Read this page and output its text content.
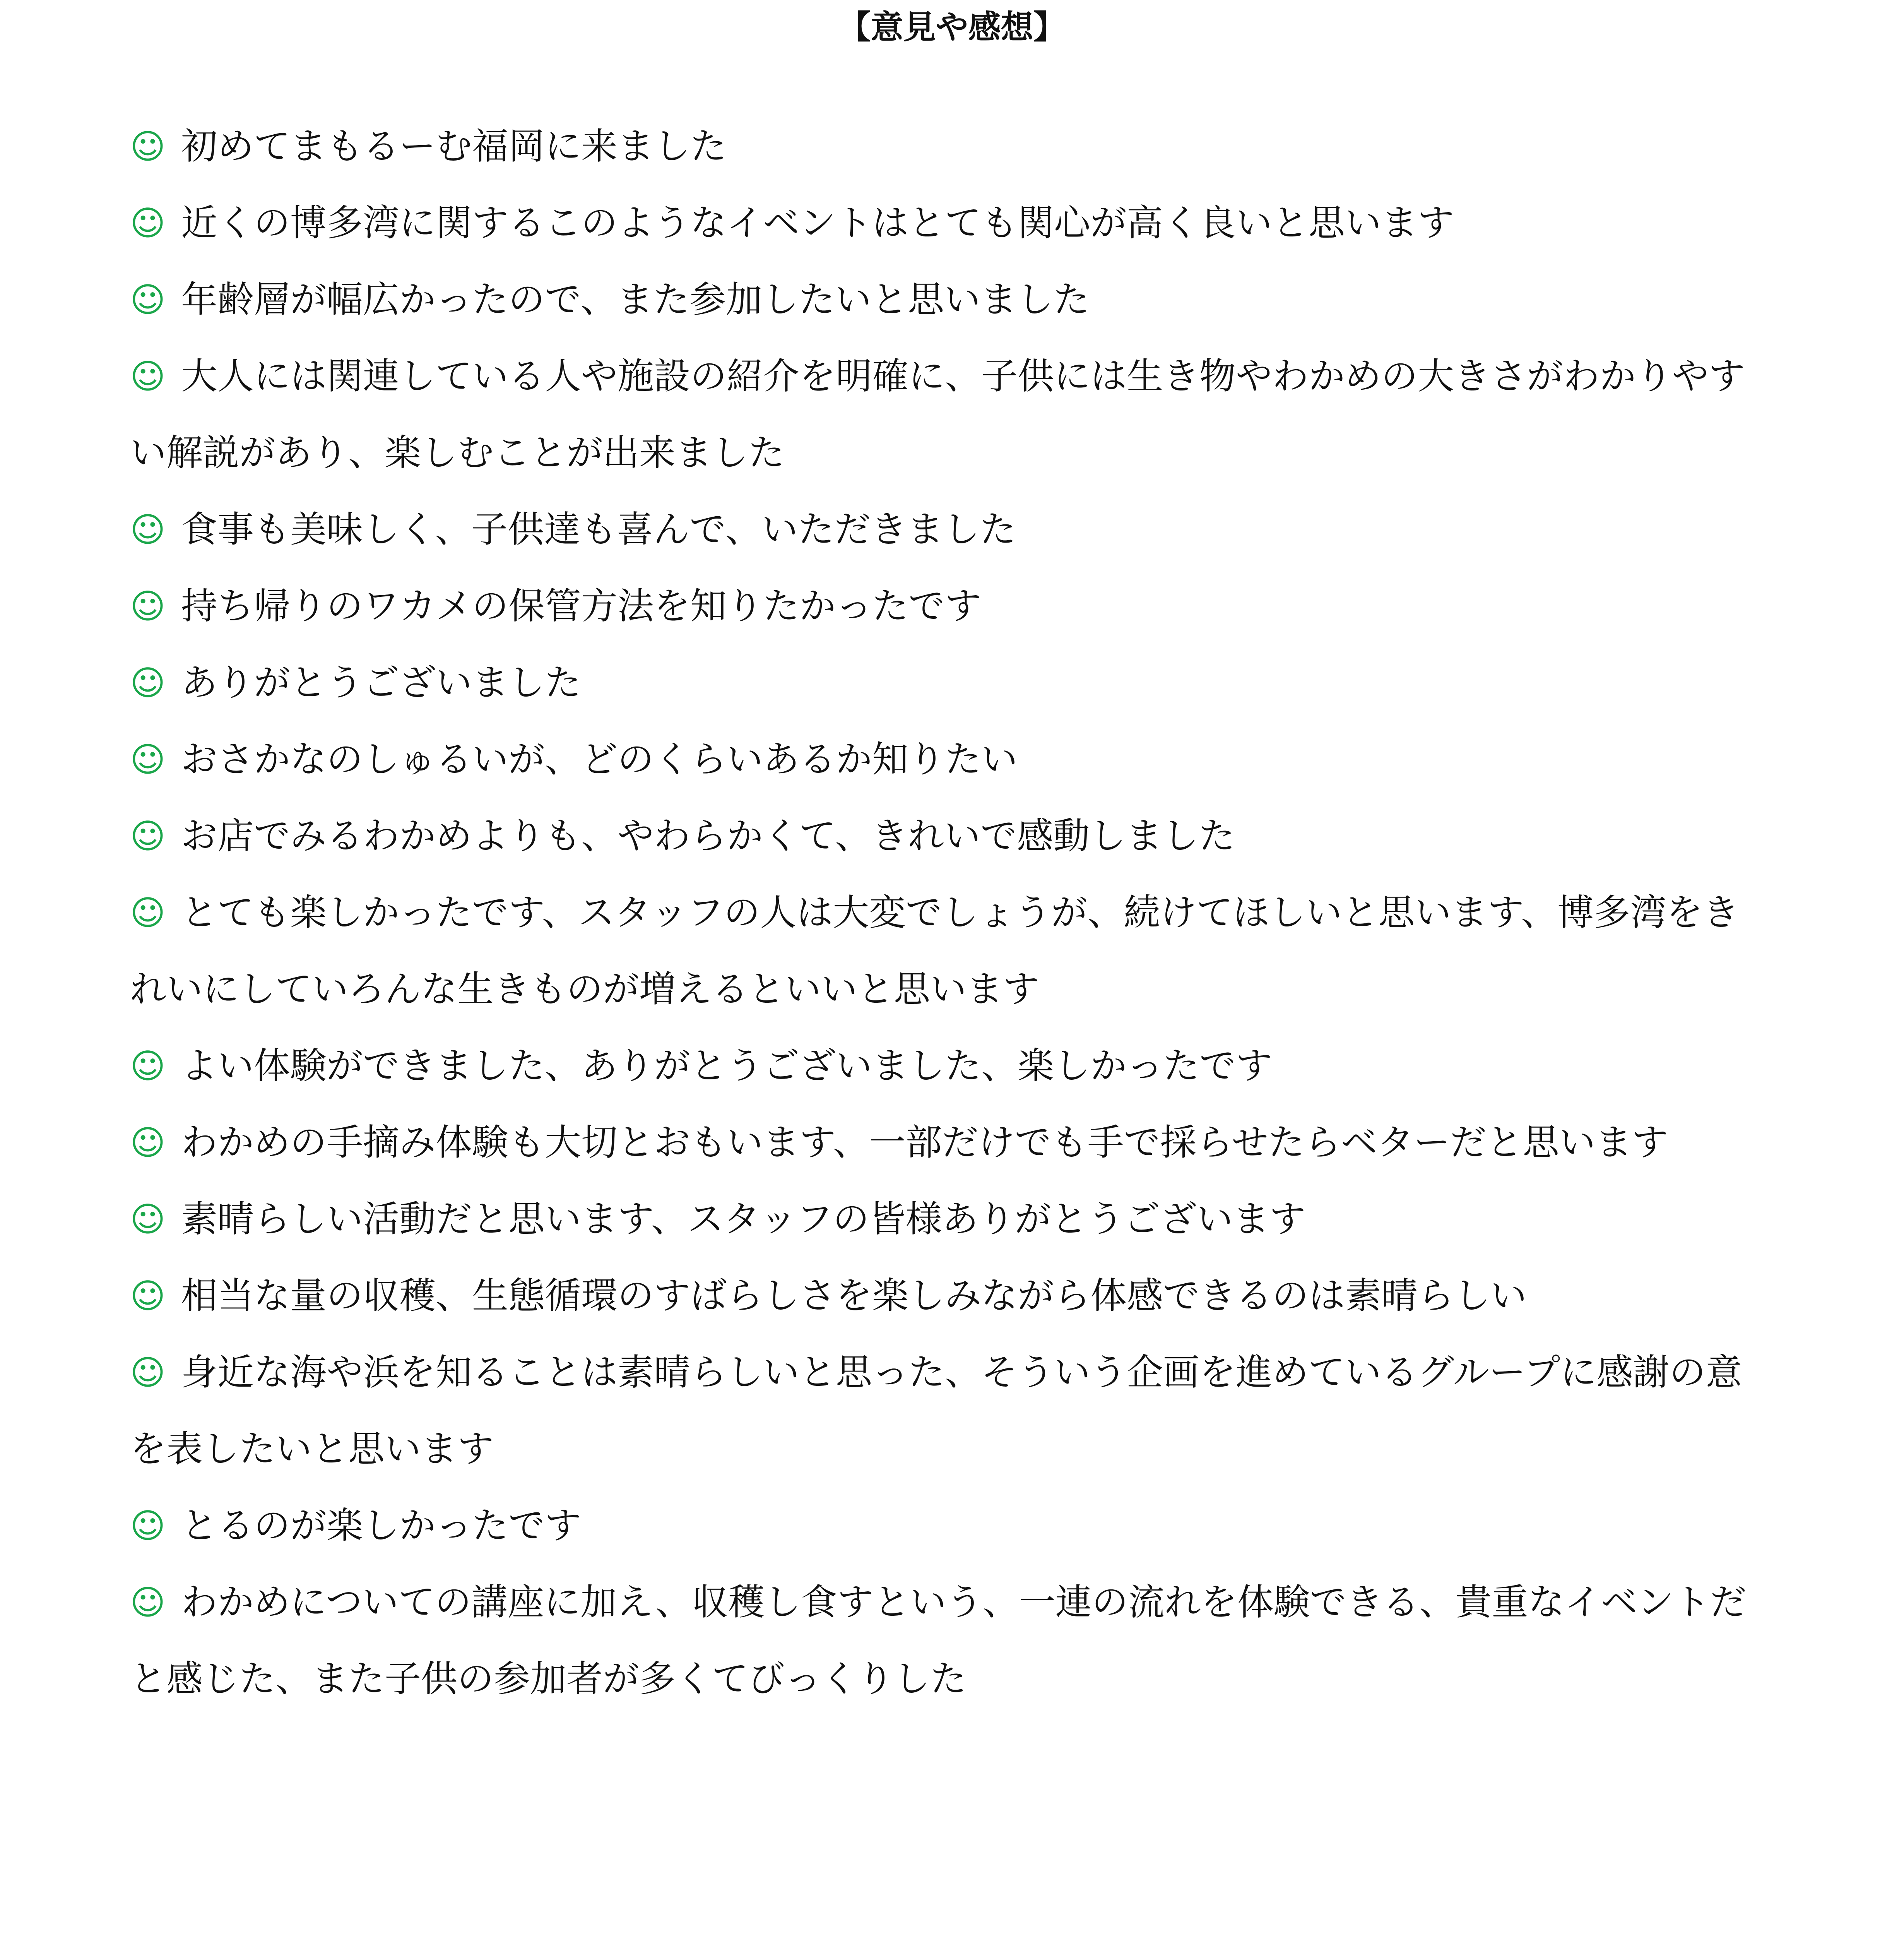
【意見や感想】
☺ 初めてまもるーむ福岡に来ました
☺ 近くの博多湾に関するこのようなイベントはとても関心が高く良いと思います
☺ 年齢層が幅広かったので、また参加したいと思いました
☺ 大人には関連している人や施設の紹介を明確に、子供には生き物やわかめの大きさがわかりやすい解説があり、楽しむことが出来ました
☺ 食事も美味しく、子供達も喜んで、いただきました
☺ 持ち帰りのワカメの保管方法を知りたかったです
☺ ありがとうございました
☺ おさかなのしゅるいが、どのくらいあるか知りたい
☺ お店でみるわかめよりも、やわらかくて、きれいで感動しました
☺ とても楽しかったです、スタッフの人は大変でしょうが、続けてほしいと思います、博多湾をきれいにしていろんな生きものが増えるといいと思います
☺ よい体験ができました、ありがとうございました、楽しかったです
☺ わかめの手摘み体験も大切とおもいます、一部だけでも手で採らせたらベターだと思います
☺ 素晴らしい活動だと思います、スタッフの皆様ありがとうございます
☺ 相当な量の収穫、生態循環のすばらしさを楽しみながら体感できるのは素晴らしい
☺ 身近な海や浜を知ることは素晴らしいと思った、そういう企画を進めているグループに感謝の意を表したいと思います
☺ とるのが楽しかったです
☺ わかめについての講座に加え、収穫し食すという、一連の流れを体験できる、貴重なイベントだと感じた、また子供の参加者が多くてびっくりした
